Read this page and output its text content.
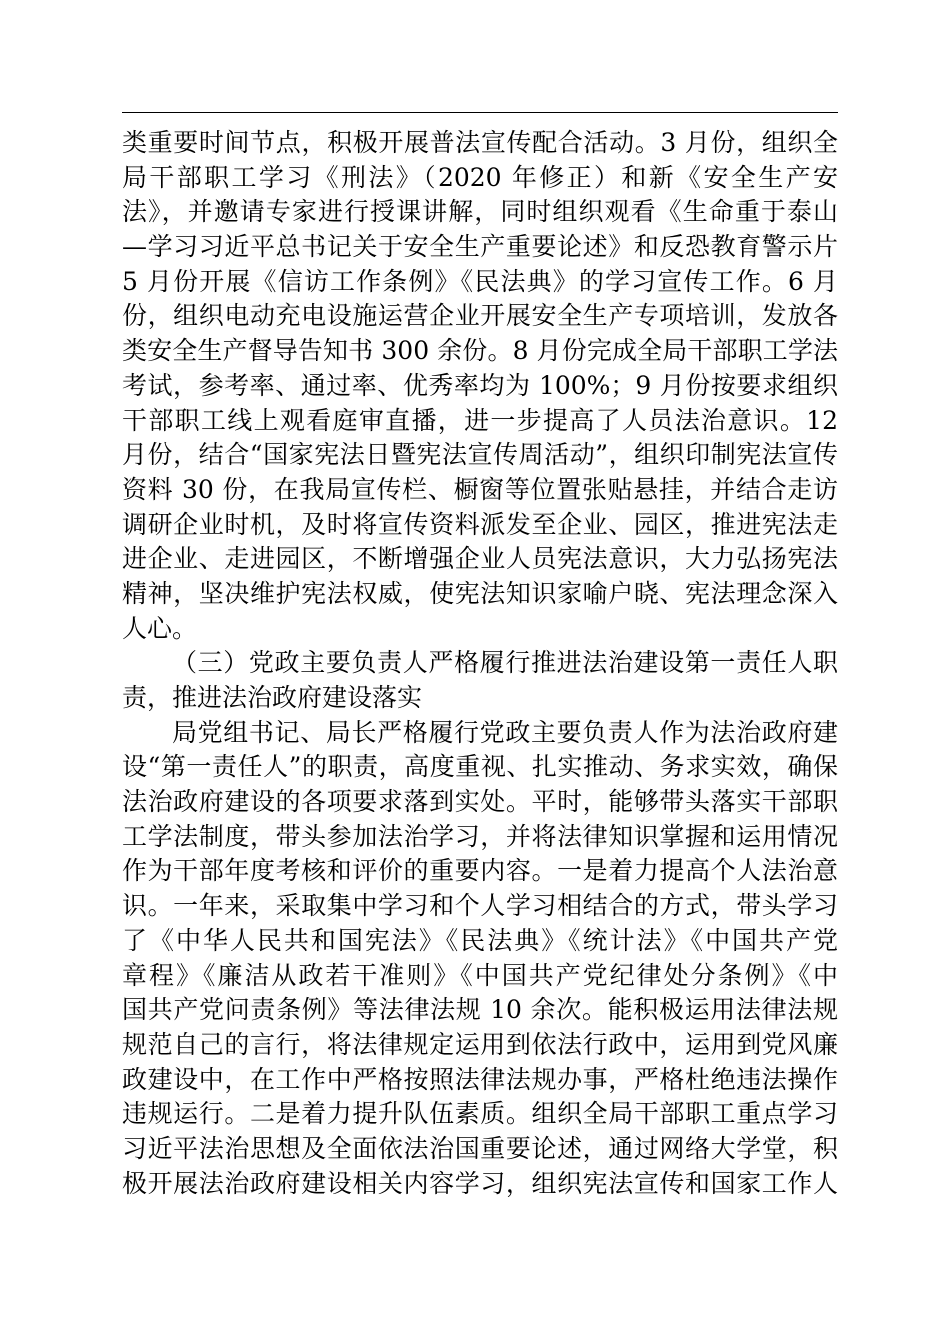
类重要时间节点，积极开展普法宣传配合活动。3 月份，组织全
局干部职工学习《刑法》（2020 年修正）和新《安全生产安
法》，并邀请专家进行授课讲解，同时组织观看《生命重于泰山
—学习习近平总书记关于安全生产重要论述》和反恐教育警示片
5 月份开展《信访工作条例》《民法典》的学习宣传工作。6 月
份，组织电动充电设施运营企业开展安全生产专项培训，发放各
类安全生产督导告知书 300 余份。8 月份完成全局干部职工学法
考试，参考率、通过率、优秀率均为 100%；9 月份按要求组织
干部职工线上观看庭审直播，进一步提高了人员法治意识。12
月份，结合“国家宪法日暨宪法宣传周活动”，组织印制宪法宣传
资料 30 份，在我局宣传栏、橱窗等位置张贴悬挂，并结合走访
调研企业时机，及时将宣传资料派发至企业、园区，推进宪法走
进企业、走进园区，不断增强企业人员宪法意识，大力弘扬宪法
精神，坚决维护宪法权威，使宪法知识家喻户晓、宪法理念深入
人心。
（三）党政主要负责人严格履行推进法治建设第一责任人职
责，推进法治政府建设落实
局党组书记、局长严格履行党政主要负责人作为法治政府建
设“第一责任人”的职责，高度重视、扎实推动、务求实效，确保
法治政府建设的各项要求落到实处。平时，能够带头落实干部职
工学法制度，带头参加法治学习，并将法律知识掌握和运用情况
作为干部年度考核和评价的重要内容。一是着力提高个人法治意
识。一年来，采取集中学习和个人学习相结合的方式，带头学习
了《中华人民共和国宪法》《民法典》《统计法》《中国共产党
章程》《廉洁从政若干准则》《中国共产党纪律处分条例》《中
国共产党问责条例》等法律法规 10 余次。能积极运用法律法规
规范自己的言行，将法律规定运用到依法行政中，运用到党风廉
政建设中，在工作中严格按照法律法规办事，严格杜绝违法操作
违规运行。二是着力提升队伍素质。组织全局干部职工重点学习
习近平法治思想及全面依法治国重要论述，通过网络大学堂，积
极开展法治政府建设相关内容学习，组织宪法宣传和国家工作人
